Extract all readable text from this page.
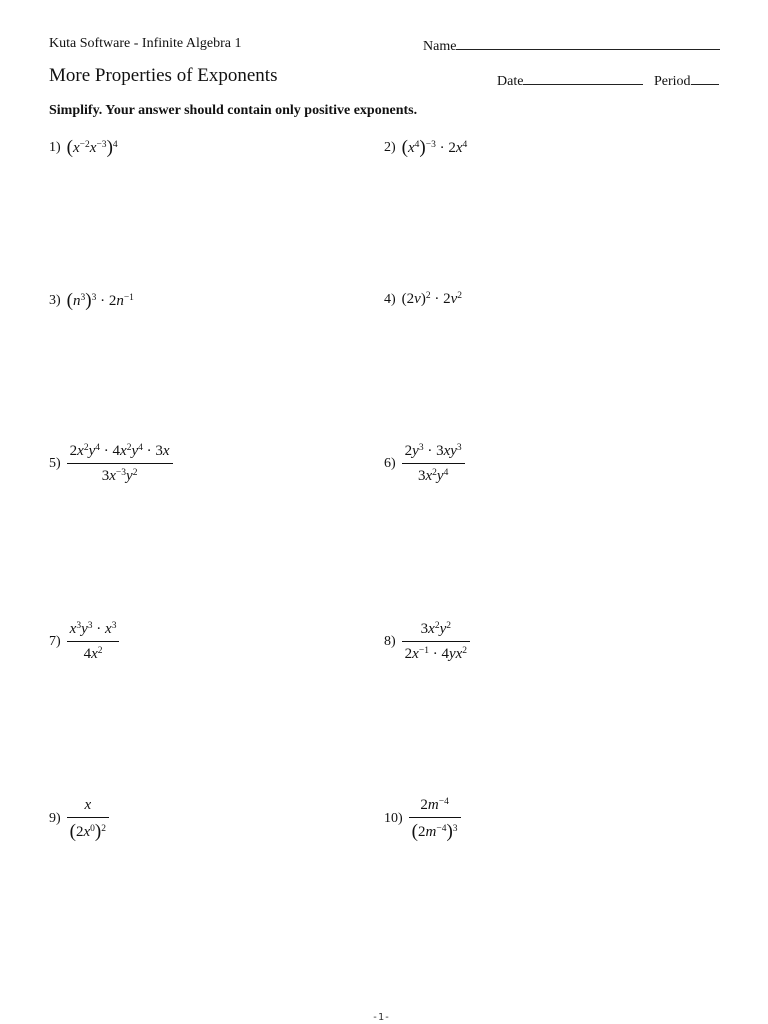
Kuta Software - Infinite Algebra 1	Name
More Properties of Exponents	Date	Period
Simplify. Your answer should contain only positive exponents.
1) $(x^{-2}x^{-3})^4$	2) $(x^4)^{-3} \cdot 2x^4$
3) $(n^3)^3 \cdot 2n^{-1}$	4) $(2v)^2 \cdot 2v^2$
$5) \frac{2x^2y^4 \cdot 4x^2y^4 \cdot 3x}{3x^{-3}y^2}$	$6) \frac{2y^3 \cdot 3xy^3}{3x^2y^4}$
$7) \frac{x^3y^3 \cdot x^3}{4x^2}$	$8) \frac{3x^2y^2}{2x^{-1} \cdot 4yx^2}$
$9) \frac{x}{(2x^0)^2}$	$10) \frac{2m^{-4}}{(2m^{-4})^3}$
-1-
